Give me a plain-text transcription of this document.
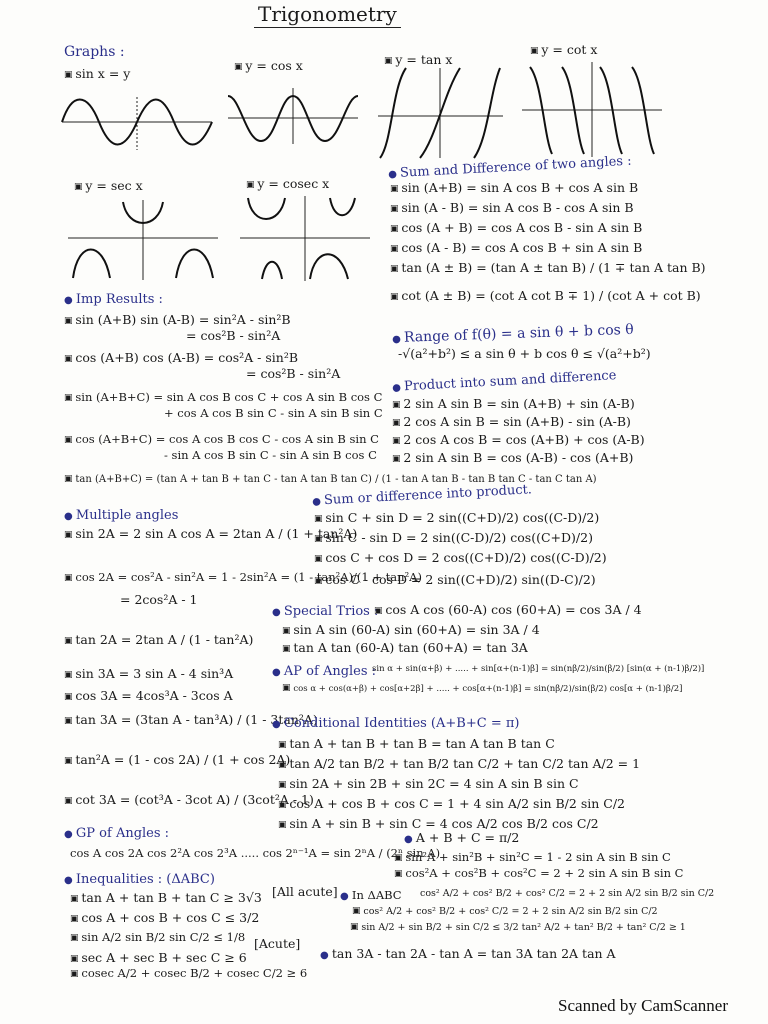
Trigonometry
Graphs :
▣ sin x = y
▣ y = cos x	▣ y = tan x
▣ y = cot x
▣ y = sec x	▣ y = cosec x
● Sum and Difference of two angles :
▣ sin (A+B) = sin A cos B + cos A sin B
▣ sin (A - B) = sin A cos B - cos A sin B
▣ cos (A + B) = cos A cos B - sin A sin B
▣ cos (A - B) = cos A cos B + sin A sin B
▣ tan (A ± B) = (tan A ± tan B) / (1 ∓ tan A tan B)
▣ cot (A ± B) = (cot A cot B ∓ 1) / (cot A + cot B)
● Imp Results :
▣ sin (A+B) sin (A-B) = sin²A - sin²B
= cos²B - sin²A
▣ cos (A+B) cos (A-B) = cos²A - sin²B
= cos²B - sin²A
▣ sin (A+B+C) = sin A cos B cos C + cos A sin B cos C
+ cos A cos B sin C - sin A sin B sin C
▣ cos (A+B+C) = cos A cos B cos C - cos A sin B sin C
- sin A cos B sin C - sin A sin B cos C
▣ tan (A+B+C) = (tan A + tan B + tan C - tan A tan B tan C) / (1 - tan A tan B - tan B tan C - tan C tan A)
● Range of f(θ) = a sin θ + b cos θ
-√(a²+b²) ≤ a sin θ + b cos θ ≤ √(a²+b²)
● Product into sum and difference
▣ 2 sin A sin B = sin (A+B) + sin (A-B)
▣ 2 cos A sin B = sin (A+B) - sin (A-B)
▣ 2 cos A cos B = cos (A+B) + cos (A-B)
▣ 2 sin A sin B = cos (A-B) - cos (A+B)
● Multiple angles
▣ sin 2A = 2 sin A cos A = 2tan A / (1 + tan²A)
▣ cos 2A = cos²A - sin²A = 1 - 2sin²A = (1 - tan²A)/(1 + tan²A)
= 2cos²A - 1
▣ tan 2A = 2tan A / (1 - tan²A)
▣ sin 3A = 3 sin A - 4 sin³A
▣ cos 3A = 4cos³A - 3cos A
▣ tan 3A = (3tan A - tan³A) / (1 - 3tan²A)
▣ tan²A = (1 - cos 2A) / (1 + cos 2A)
▣ cot 3A = (cot³A - 3cot A) / (3cot²A - 1)
● Sum or difference into product.
▣ sin C + sin D = 2 sin((C+D)/2) cos((C-D)/2)
▣ sin C - sin D = 2 sin((C-D)/2) cos((C+D)/2)
▣ cos C + cos D = 2 cos((C+D)/2) cos((C-D)/2)
▣ cos C - cos D = 2 sin((C+D)/2) sin((D-C)/2)
● Special Trios : ▣ cos A cos (60-A) cos (60+A) = cos 3A / 4
▣ sin A sin (60-A) sin (60+A) = sin 3A / 4
▣ tan A tan (60-A) tan (60+A) = tan 3A
● AP of Angles :
sin α + sin(α+β) + ..... + sin[α+(n-1)β] = sin(nβ/2)/sin(β/2) [sin(α + (n-1)β/2)]
▣ cos α + cos(α+β) + cos[α+2β] + ..... + cos[α+(n-1)β] = sin(nβ/2)/sin(β/2) cos[α + (n-1)β/2]
● Conditional Identities (A+B+C = π)
▣ tan A + tan B + tan B = tan A tan B tan C
▣ tan A/2 tan B/2 + tan B/2 tan C/2 + tan C/2 tan A/2 = 1
▣ sin 2A + sin 2B + sin 2C = 4 sin A sin B sin C
▣ cos A + cos B + cos C = 1 + 4 sin A/2 sin B/2 sin C/2
▣ sin A + sin B + sin C = 4 cos A/2 cos B/2 cos C/2
● GP of Angles :
cos A cos 2A cos 2²A cos 2³A ..... cos 2ⁿ⁻¹A = sin 2ⁿA / (2ⁿ sin A)
● A + B + C = π/2
▣ sin²A + sin²B + sin²C = 1 - 2 sin A sin B sin C
▣ cos²A + cos²B + cos²C = 2 + 2 sin A sin B sin C
● Inequalities : (ΔABC)
▣ tan A + tan B + tan C ≥ 3√3 [All acute]
▣ cos A + cos B + cos C ≤ 3/2
▣ sin A/2 sin B/2 sin C/2 ≤ 1/8
▣ sec A + sec B + sec C ≥ 6
[Acute]
▣ cosec A/2 + cosec B/2 + cosec C/2 ≥ 6
● In ΔABC cos² A/2 + cos² B/2 + cos² C/2 = 2 + 2 sin A/2 sin B/2 sin C/2
▣ cos² A/2 + cos² B/2 + cos² C/2 = 2 + 2 sin A/2 sin B/2 sin C/2
▣ sin A/2 + sin B/2 + sin C/2 ≤ 3/2 tan² A/2 + tan² B/2 + tan² C/2 ≥ 1
● tan 3A - tan 2A - tan A = tan 3A tan 2A tan A
Scanned by CamScanner
